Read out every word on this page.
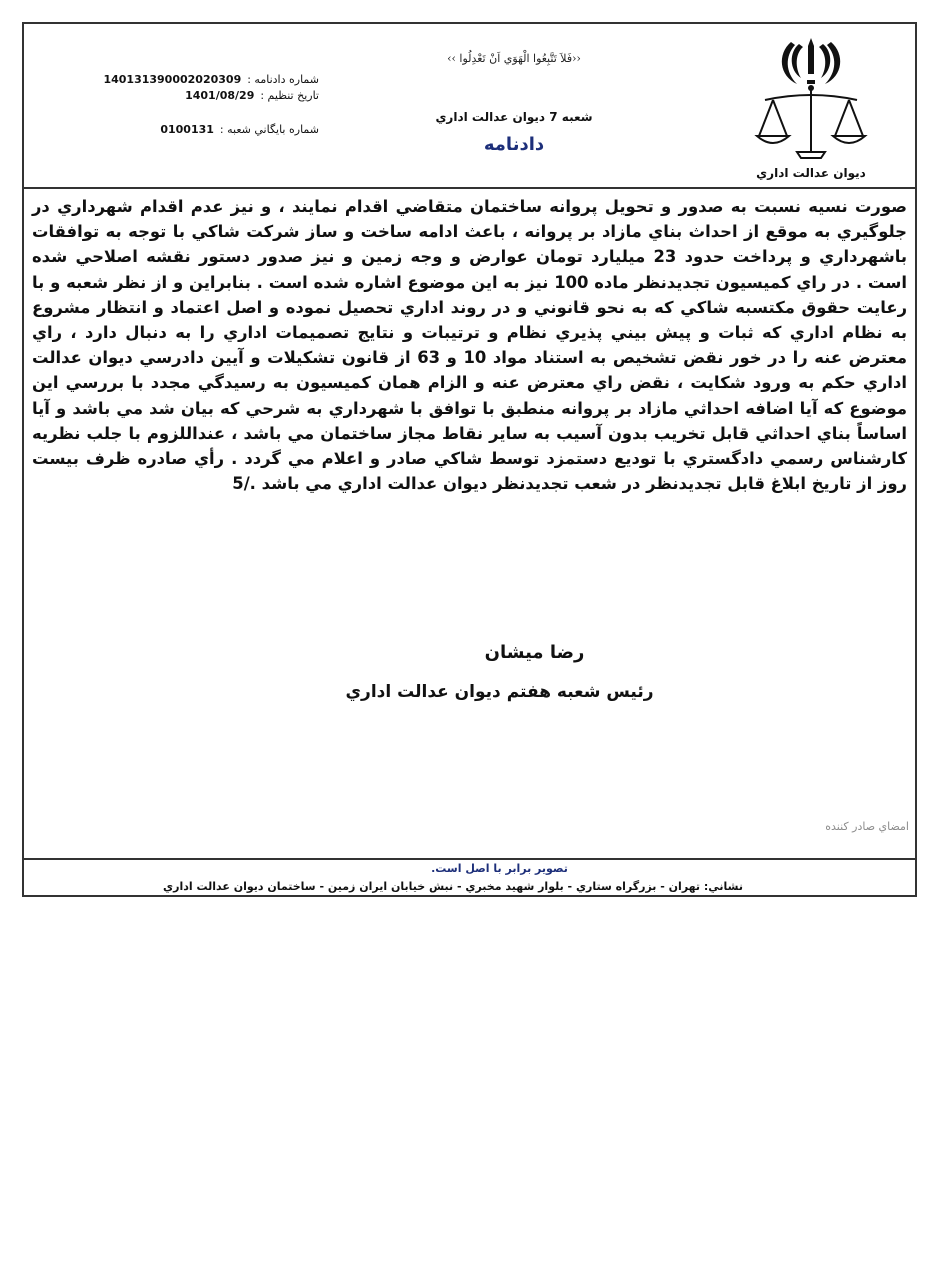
ديوان عدالت اداري
‹‹فَلاَ تَتَّبِعُوا الْهَوَي اَنْ تَعْدِلُوا ››
شعبه 7 ديوان عدالت اداري
دادنامه
شماره دادنامه :
140131390002020309
تاريخ تنظيم :
1401/08/29
شماره بايگاني شعبه :
0100131
صورت نسيه نسبت به صدور و تحويل پروانه ساختمان متقاضي اقدام نمايند ، و نيز عدم اقدام شهرداري در جلوگيري به موقع از احداث بناي مازاد بر پروانه ، باعث ادامه ساخت و ساز شركت شاكي با توجه به توافقات باشهرداري و پرداخت حدود 23 ميليارد تومان عوارض و وجه زمين و نيز صدور دستور نقشه اصلاحي شده است . در راي كميسيون تجديدنظر ماده 100 نيز به اين موضوع اشاره شده است . بنابراين و از نظر شعبه و با رعايت حقوق مكتسبه شاكي كه به نحو قانوني و در روند اداري تحصيل نموده و اصل اعتماد و انتظار مشروع به نظام اداري كه ثبات و پيش بيني پذيري نظام و ترتيبات و نتايج تصميمات اداري را به دنبال دارد ، راي معترض عنه را در خور نقض تشخيص به استناد مواد 10 و 63 از قانون تشكيلات و آيين دادرسي ديوان عدالت اداري حكم به ورود شكايت ، نقض راي معترض عنه و الزام همان كميسيون به رسيدگي مجدد با بررسي اين موضوع كه آيا اضافه احداثي مازاد بر پروانه منطبق با توافق با شهرداري به شرحي كه بيان شد مي باشد و آيا اساساً بناي احداثي قابل تخريب بدون آسيب به ساير نقاط مجاز ساختمان مي باشد ، عنداللزوم با جلب نظريه كارشناس رسمي دادگستري با توديع دستمزد توسط شاكي صادر و اعلام مي گردد . رأي صادره ظرف بيست روز از تاريخ ابلاغ قابل تجديدنظر در شعب تجديدنظر ديوان عدالت اداري مي باشد ./5
رضا ميشان
رئيس شعبه هفتم ديوان عدالت اداري
امضاي صادر كننده
تصوير برابر با اصل است.
نشاني: تهران - بزرگراه ستاري - بلوار شهيد مخبري - نبش خيابان ايران زمين - ساختمان ديوان عدالت اداري
